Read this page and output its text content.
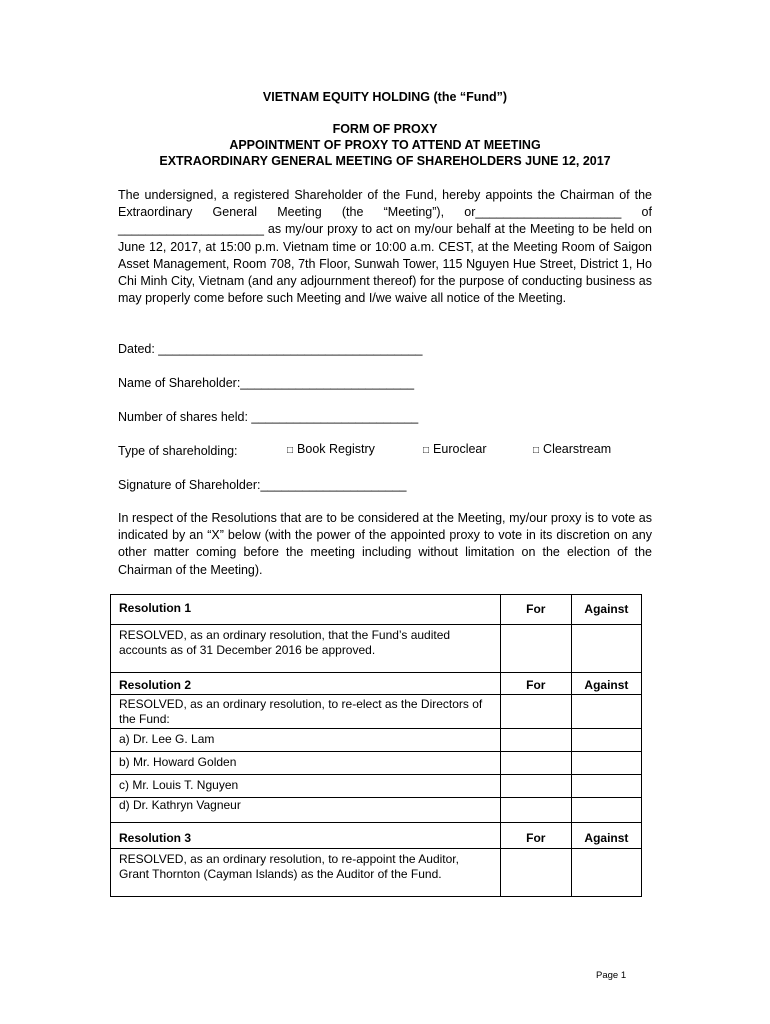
VIETNAM EQUITY HOLDING (the “Fund”)
FORM OF PROXY
APPOINTMENT OF PROXY TO ATTEND AT MEETING
EXTRAORDINARY GENERAL MEETING OF SHAREHOLDERS JUNE 12, 2017
The undersigned, a registered Shareholder of the Fund, hereby appoints the Chairman of the Extraordinary General Meeting (the “Meeting”), or_____________________ of _____________________ as my/our proxy to act on my/our behalf at the Meeting to be held on June 12, 2017, at 15:00 p.m. Vietnam time or 10:00 a.m. CEST, at the Meeting Room of Saigon Asset Management, Room 708, 7th Floor, Sunwah Tower, 115 Nguyen Hue Street, District 1, Ho Chi Minh City, Vietnam (and any adjournment thereof) for the purpose of conducting business as may properly come before such Meeting and I/we waive all notice of the Meeting.
Dated: ______________________________________
Name of Shareholder:_________________________
Number of shares held: ________________________
Type of shareholding:	□ Book Registry	□ Euroclear	□ Clearstream
Signature of Shareholder:_____________________
In respect of the Resolutions that are to be considered at the Meeting, my/our proxy is to vote as indicated by an “X” below (with the power of the appointed proxy to vote in its discretion on any other matter coming before the meeting including without limitation on the election of the Chairman of the Meeting).
Resolution 1	For	Against
RESOLVED, as an ordinary resolution, that the Fund’s audited accounts as of 31 December 2016 be approved.		
Resolution 2	For	Against
RESOLVED, as an ordinary resolution, to re-elect as the Directors of the Fund:		
a) Dr. Lee G. Lam		
b) Mr. Howard Golden		
c) Mr. Louis T. Nguyen		
d) Dr. Kathryn Vagneur		
Resolution 3	For	Against
RESOLVED, as an ordinary resolution, to re-appoint the Auditor, Grant Thornton (Cayman Islands) as the Auditor of the Fund.		
Page 1
